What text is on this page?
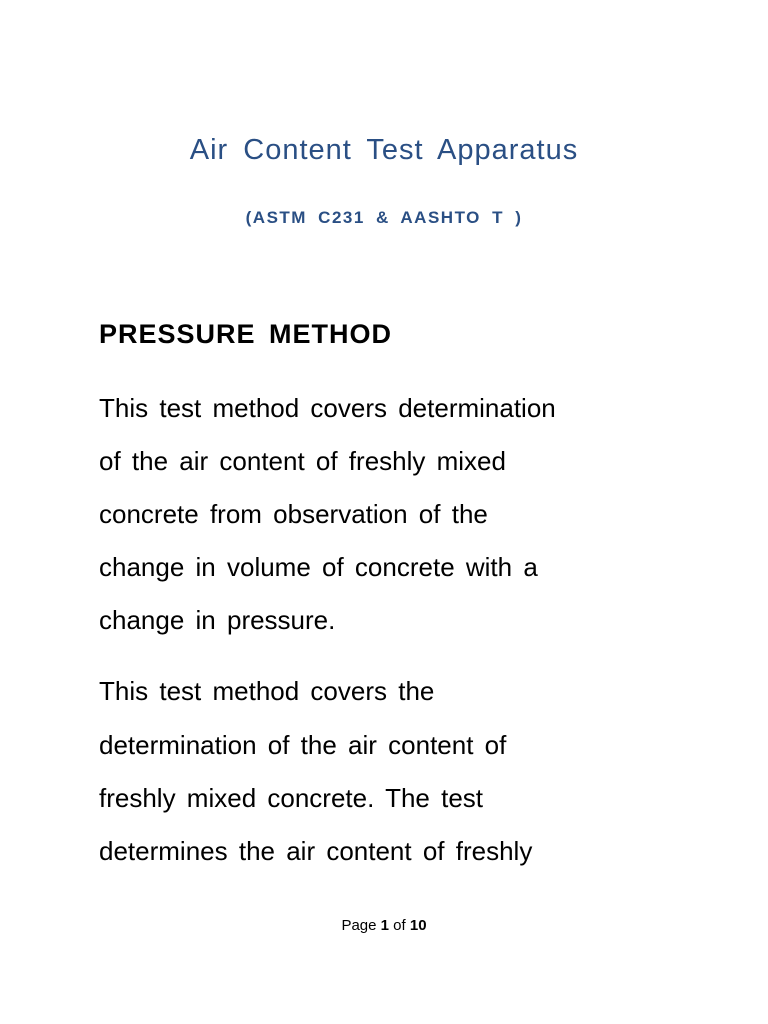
Air Content Test Apparatus
(ASTM C231 & AASHTO T )
PRESSURE METHOD
This test method covers determination
of the air content of freshly mixed
concrete from observation of the
change in volume of concrete with a
change in pressure.
This test method covers the
determination of the air content of
freshly mixed concrete. The test
determines the air content of freshly
Page 1 of 10
